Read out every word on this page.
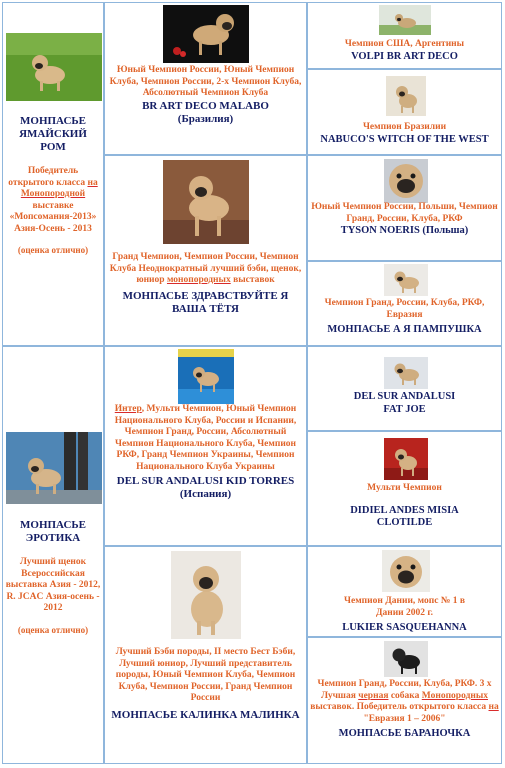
МОНПАСЬЕ ЯМАЙСКИЙ РОМ
Победитель открытого класса на Монопородной выставке «Мопсомания-2013» Азия-Осень - 2013
(оценка отлично)
МОНПАСЬЕ ЭРОТИКА
Лучший щенок Всероссийская выставка Азия - 2012, R. JCAC Азия-осень - 2012
(оценка отлично)
Юный Чемпион России, Юный Чемпион Клуба, Чемпион России, 2-х Чемпион Клуба, Абсолютный Чемпион Клуба
BR ART DECO MALABO
(Бразилия)
Гранд Чемпион, Чемпион России, Чемпион Клуба Неоднократный лучший бэби, щенок, юниор монопородных выставок
МОНПАСЬЕ ЗДРАВСТВУЙТЕ Я ВАША ТЁТЯ
Интер, Мульти Чемпион, Юный Чемпион Национального Клуба, России и Испании, Чемпион Гранд, России, Абсолютный Чемпион Национального Клуба, Чемпион РКФ, Гранд Чемпион Украины, Чемпион Национального Клуба Украины
DEL SUR ANDALUSI KID TORRES
(Испания)
Лучший Бэби породы, II место Бест Бэби, Лучший юниор, Лучший представитель породы, Юный Чемпион Клуба, Чемпион Клуба, Чемпион России, Гранд Чемпион России
МОНПАСЬЕ КАЛИНКА МАЛИНКА
Чемпион США, Аргентины
VOLPI BR ART DECO
Чемпион Бразилии
NABUCO'S WITCH OF THE WEST
Юный Чемпион России, Польши, Чемпион Гранд, России, Клуба, РКФ
TYSON NOERIS (Польша)
Чемпион Гранд, России, Клуба, РКФ, Евразия
МОНПАСЬЕ А Я ПАМПУШКА
DEL SUR ANDALUSI FAT JOE
Мульти Чемпион
DIDIEL ANDES MISIA CLOTILDE
Чемпион Дании, мопс № 1 в Дании 2002 г.
LUKIER SASQUEHANNA
Чемпион Гранд, России, Клуба, РКФ. 3 х Лучшая черная собака Монопородных выставок. Победитель открытого класса на "Евразия 1 – 2006"
МОНПАСЬЕ БАРАНОЧКА
